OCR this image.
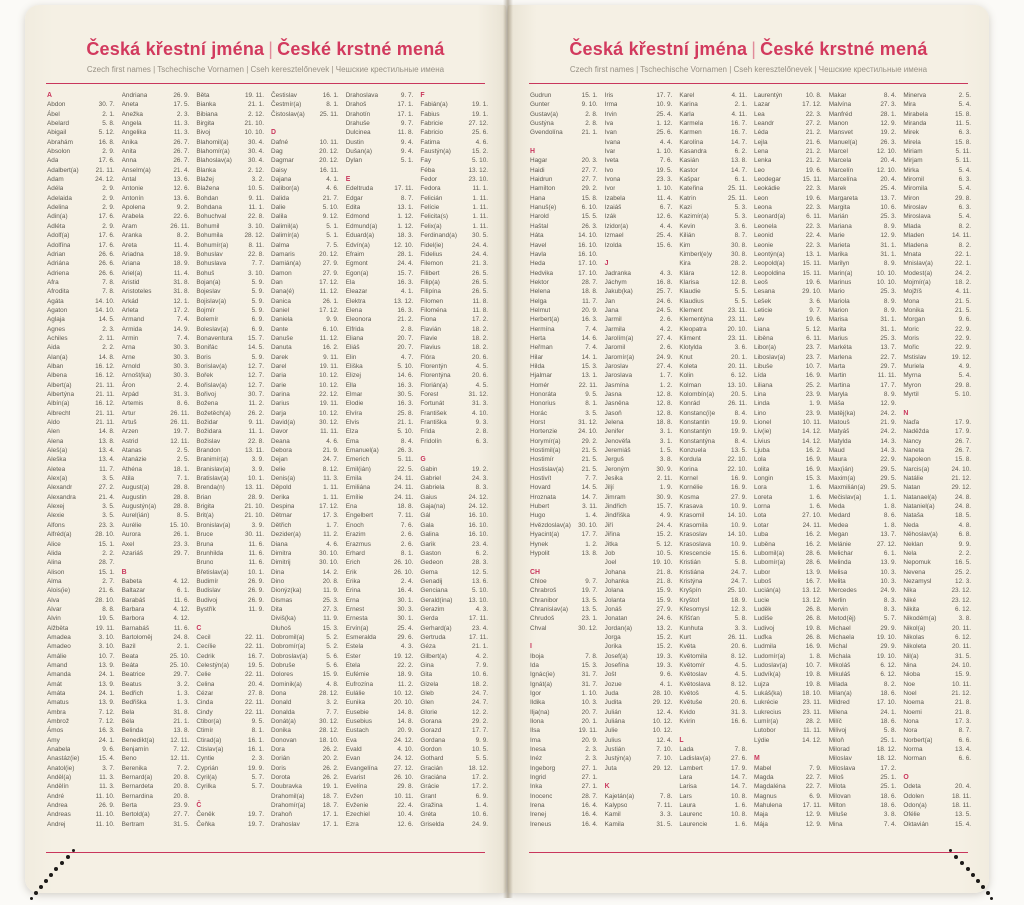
Česká křestní jména | České krstné mená
Czech first names | Tschechische Vornamen | Cseh keresztelőnevek | Чешские крестильные имена
A
Abdon	30. 7.
Ábel	2. 1.
Abelard	5. 8.
Abigail	5. 12.
Abrahám	16. 8.
Absolon	2. 9.
Ada	17. 6.
Adalbert(a)	21. 11.
Adam	24. 12.
Adéla	2. 9.
Adelaida	2. 9.
Adelina	2. 9.
Adin(a)	17. 6.
Adléta	2. 9.
Adolf(a)	17. 6.
Adolfína	17. 6.
Adrian	26. 6.
Adriána	26. 6.
Adriena	26. 6.
Afra	7. 8.
Afrodita	7. 8.
Agáta	14. 10.
Agaton	14. 10.
Aglaja	14. 5.
Agnes	2. 3.
Achiles	2. 11.
Aida	2. 2.
Alan(a)	14. 8.
Alban	16. 12.
Albena	16. 12.
Albert(a)	21. 11.
Albertýna	21. 11.
Albín(a)	16. 12.
Albrecht	21. 11.
Aldo	21. 11.
Alen	14. 8.
Alena	13. 8.
Aleš(a)	13. 4.
Aleška	13. 4.
Aletea	11. 7.
Alex(a)	3. 5.
Alexandr	27. 2.
Alexandra	21. 4.
Alexej	3. 5.
Alexie	3. 5.
Alfons	23. 3.
Alfréd(a)	28. 10.
Alice	15. 1.
Alida	2. 2.
Alina	28. 7.
Alison	15. 1.
Alma	2. 7.
Alois(ie)	21. 6.
Alva	28. 10.
Alvar	8. 8.
Alvin	19. 5.
Alžběta	19. 11.
Amadea	3. 10.
Amadeo	3. 10.
Amálie	10. 7.
Amand	13. 9.
Amanda	24. 1.
Amát	13. 9.
Amáta	24. 1.
Amatus	13. 9.
Ambra	7. 12.
Ambrož	7. 12.
Ámos	16. 3.
Amy	24. 1.
Anabela	9. 6.
Anastáz(ie)	15. 4.
Anatol(ie)	3. 7.
Anděl(a)	11. 3.
Andělín	11. 3.
André	11. 10.
Andrea	26. 9.
Andreas	11. 10.
Andrej	11. 10.
Andriana	26. 9.
Aneta	17. 5.
Anežka	2. 3.
Angela	11. 3.
Angelika	11. 3.
Anika	26. 7.
Anita	26. 7.
Anna	26. 7.
Anselm(a)	21. 4.
Antal	13. 6.
Antonie	12. 6.
Antonín	13. 6.
Apolena	9. 2.
Arabela	22. 6.
Aram	26. 11.
Aranka	8. 2.
Areta	11. 4.
Ariadna	18. 9.
Ariana	18. 9.
Ariel(a)	11. 4.
Aristid	31. 8.
Aristoteles	31. 8.
Arkád	12. 1.
Arleta	17. 2.
Armand	7. 4.
Armida	14. 9.
Armin	7. 4.
Arna	30. 3.
Arne	30. 3.
Arnold	30. 3.
Arnošt(ka)	30. 3.
Áron	2. 4.
Arpád	31. 3.
Artemis	8. 6.
Artur	26. 11.
Artuš	26. 11.
Arzen	19. 7.
Astrid	12. 11.
Atanas	2. 5.
Atanázie	2. 5.
Athéna	18. 1.
Atila	7. 1.
August(a)	28. 8.
Augustin	28. 8.
Augustýn(a)	28. 8.
Aurel(ián)	8. 5.
Aurélie	15. 10.
Aurora	26. 1.
Axel	23. 3.
Azariáš	29. 7.
B
Babeta	4. 12.
Baltazar	6. 1.
Barabáš	11. 6.
Barbara	4. 12.
Barbora	4. 12.
Barnabáš	11. 6.
Bartoloměj	24. 8.
Bazil	2. 1.
Beata	25. 10.
Beáta	25. 10.
Beatrice	29. 7.
Beatus	3. 2.
Bedřich	1. 3.
Bedřiška	1. 3.
Bela	31. 8.
Béla	21. 1.
Belinda	13. 8.
Benedikt(a) 12. 11.
Benjamín	7. 12.
Beno	12. 11.
Berenika	7. 2.
Bernard(a)	20. 8.
Bernardeta	20. 8.
Bernardina	20. 8.
Berta	23. 9.
Bertold(a)	27. 7.
Bertram	31. 5.
Běta	19. 11.
Bianka	21. 1.
Bibiana	2. 12.
Birgita	21. 10.
Bivoj	10. 10.
Blahomil(a)	30. 4.
Blahomír(a)	30. 4.
Blahoslav(a)	30. 4.
Blanka	2. 12.
Blažej	3. 2.
Blažena	10. 5.
Bohdan	9. 11.
Bohdana	11. 1.
Bohuchval	22. 8.
Bohumil	3. 10.
Bohumila	28. 12.
Bohumír(a)	8. 11.
Bohuslav	22. 8.
Bohuslava	7. 7.
Bohuš	3. 10.
Bojan(a)	5. 9.
Bojeslav	5. 9.
Bojislav(a)	5. 9.
Bojmír	5. 9.
Bolemír	6. 9.
Boleslav(a)	6. 9.
Bonaventura 15. 7.
Bonifác	14. 5.
Boris	5. 9.
Borislav(a)	12. 7.
Bořek	12. 7.
Bořislav(a)	12. 7.
Bořivoj	30. 7.
Božena	11. 2.
Božetěch(a)	26. 2.
Božidar	9. 11.
Božidara	11. 1.
Božislav	22. 8.
Brandon	13. 11.
Branimír(a)	3. 9.
Branislav(a)	3. 9.
Bratislav(a)	10. 1.
Brenda(n)	13. 11.
Brian	28. 9.
Brigita	21. 10.
Brit(a)	21. 10.
Bronislav(a)	3. 9.
Bruce	30. 11.
Bruna	11. 6.
Brunhilda	11. 6.
Bruno	11. 6.
Břetislav(a)	10. 1.
Budimír	26. 9.
Budislav	26. 9.
Budivoj	26. 9.
Bystřík	11. 9.
C
Cecil	22. 11.
Cecílie	22. 11.
Cedrik	16. 7.
Celestýn(a)	19. 5.
Celie	22. 11.
Celina	20. 4.
Cézar	27. 8.
Cinda	22. 11.
Cindy	22. 11.
Ctibor(a)	9. 5.
Ctimír	8. 1.
Ctirad(a)	16. 1.
Ctislav(a)	16. 1.
Cyntie	2. 3.
Cyprián	19. 9.
Cyril(a)	5. 7.
Cyrilka	5. 7.
Č
Čeněk	19. 7.
Čeňka	19. 7.
Čestislav	16. 1.
Čestmír(a)	8. 1.
Čistoslav(a) 25. 11.
D
Dafné	10. 11.
Dag	20. 12.
Dagmar	20. 12.
Daisy	16. 11.
Dajana	4. 1.
Dalibor(a)	4. 6.
Dalida	21. 7.
Dalie	5. 10.
Dalila	9. 12.
Dalimil(a)	5. 1.
Dalimír(a)	5. 1.
Dalma	7. 5.
Damaris	20. 12.
Damián(a)	27. 9.
Damon	27. 9.
Dan	17. 12.
Dana(é)	11. 12.
Danica	26. 1.
Daniel	17. 12.
Daniela	9. 9.
Dante	6. 10.
Danuše	11. 12.
Danuta	16. 2.
Darek	9. 11.
Darel	19. 11.
Daria	10. 12.
Darie	10. 12.
Darina	22. 12.
Darius	19. 11.
Darja	10. 12.
David(a)	30. 12.
Davor	11. 11.
Deana	4. 6.
Debora	21. 9.
Dejan	24. 7.
Delie	8. 12.
Denis(a)	11. 3.
Děpold	1. 11.
Derika	1. 11.
Despina	17. 12.
Dětmar	17. 3.
Dětřich	1. 7.
Dezider(a)	11. 2.
Diana	4. 6.
Dimitra	30. 10.
Dimitrij	30. 10.
Dina	14. 2.
Dino	20. 8.
Dionýz(ka)	11. 9.
Dismas	25. 3.
Dita	27. 3.
Diviš(ka)	11. 9.
Dluhoš	15. 3.
Dobromil(a)	5. 2.
Dobromír(a)	5. 2.
Dobroslav(a)	5. 6.
Dobruše	5. 6.
Dolores	15. 9.
Dominik(a)	4. 8.
Dona	28. 12.
Donald	3. 2.
Donalda	7. 7.
Donát(a)	30. 12.
Donika	28. 12.
Donovan	18. 10.
Dora	26. 2.
Dorián	20. 2.
Doris	26. 2.
Dorota	26. 2.
Doubravka	19. 1.
Drahomil(a)	18. 7.
Drahomír(a)	18. 7.
Drahoň	17. 1.
Drahoslav	17. 1.
Drahoslava	9. 7.
Drahoš	17. 1.
Drahotín	17. 1.
Drahuše	9. 7.
Dulcinea	11. 8.
Dustin	9. 4.
Dušan(a)	9. 4.
Dylan	5. 1.
E
Edeltruda	17. 11.
Edgar	8. 7.
Edita	13. 1.
Edmond	1. 12.
Edmund(a)	1. 12.
Eduard(a)	18. 3.
Edvín(a)	12. 10.
Efraim	28. 1.
Egmont	24. 4.
Egon(a)	15. 7.
Ela	16. 3.
Eleazar	4. 1.
Elektra	13. 12.
Elena	16. 3.
Eleonora	21. 2.
Elfrida	2. 8.
Eliana	20. 7.
Eliáš	20. 7.
Elin	4. 7.
Eliška	5. 10.
Elizej	14. 6.
Ella	16. 3.
Elmar	30. 5.
Elodie	16. 3.
Elvíra	25. 8.
Elvis	21. 1.
Elza	5. 10.
Ema	8. 4.
Emanuel(a)	26. 3.
Emerich	5. 11.
Emil(ián)	22. 5.
Emila	24. 11.
Emiliána	24. 11.
Emílie	24. 11.
Ena	18. 8.
Engelbert	7. 11.
Enoch	7. 6.
Erazim	2. 6.
Erazmus	2. 6.
Erhard	8. 1.
Erich	26. 10.
Erik	26. 10.
Erika	2. 4.
Erina	16. 4.
Erna	30. 1.
Ernest	30. 3.
Ernesta	30. 1.
Ervín(a)	25. 4.
Esmeralda	29. 6.
Estela	4. 3.
Ester	19. 12.
Etela	22. 2.
Eufémie	18. 9.
Eufrozína	11. 2.
Eulálie	10. 12.
Eunika	20. 10.
Eusebie	14. 8.
Eusebius	14. 8.
Eustach	20. 9.
Eva	24. 12.
Evald	4. 10.
Evan	24. 12.
Evangelína	27. 12.
Evarist	26. 10.
Evelína	29. 8.
Evžen	10. 11.
Evženie	22. 4.
Ezechiel	10. 4.
Ezra	12. 6.
F
Fabián(a)	19. 1.
Fabius	19. 1.
Fabricie	27. 12.
Fabricio	25. 6.
Fatima	4. 6.
Faustýn(a)	15. 2.
Fay	5. 10.
Féba	13. 12.
Fedor	23. 10.
Fedora	11. 1.
Felicián	1. 11.
Felície	1. 11.
Felicita(s)	1. 11.
Felix(a)	1. 11.
Ferdinand(a) 30. 5.
Fidel(ie)	24. 4.
Fidelius	24. 4.
Filemon	21. 3.
Filibert	26. 5.
Filip(a)	26. 5.
Filipína	26. 5.
Filomen	11. 8.
Filoména	11. 8.
Fiona	17. 2.
Flavián	18. 2.
Flavie	18. 2.
Flavius	18. 2.
Flóra	20. 6.
Florentýn	4. 5.
Florentýna	20. 6.
Florián(a)	4. 5.
Forest	31. 12.
Fortunát	31. 3.
František	4. 10.
Františka	9. 3.
Frida	2. 8.
Fridolín	6. 3.
G
Gabin	19. 2.
Gabriel	24. 3.
Gabriela	8. 3.
Gaius	24. 12.
Gaja(na)	24. 12.
Gál	16. 10.
Gala	16. 10.
Galina	16. 10.
Garik	23. 4.
Gaston	6. 2.
Gedeon	28. 3.
Gema	12. 5.
Genadij	13. 6.
Genciana	5. 10.
Gerald(ina)	13. 10.
Gerazim	4. 3.
Gerda	17. 11.
Gerhard(a)	23. 4.
Gertruda	17. 11.
Géza	21. 1.
Gilbert(a)	4. 2.
Gina	7. 9.
Gita	10. 6.
Gizela	18. 2.
Gleb	24. 7.
Glen	24. 7.
Glorie	12. 2.
Gorana	29. 2.
Gorazd	17. 7.
Gordana	9. 9.
Gordon	10. 5.
Gothard	5. 5.
Gracián	18. 12.
Graciána	17. 2.
Grácie	17. 2.
Grant	6. 9.
Gražina	1. 4.
Gréta	10. 6.
Griselda	24. 9.
Česká křestní jména | České krstné mená
Czech first names | Tschechische Vornamen | Cseh keresztelőnevek | Чешские крестильные имена
Gudrun	15. 1.
Gunter	9. 10.
Gustav(a)	2. 8.
Gustýna	2. 8.
Gvendolína	21. 1.
H
Hagar	20. 3.
Haidi	27. 7.
Haidrun	27. 7.
Hamilton	29. 2.
Hana	15. 8.
Hanuš(e)	6. 10.
Harold	15. 5.
Haštal	26. 3.
Háta	14. 10.
Havel	16. 10.
Havla	16. 10.
Heda	17. 10.
Hedvika	17. 10.
Hektor	28. 7.
Helena	18. 8.
Helga	11. 7.
Helmut	20. 9.
Herbert(a)	16. 3.
Hermína	7. 4.
Herta	14. 6.
Heřman	7. 4.
Hilar	14. 1.
Hilda	15. 3.
Hjalmar	13. 1.
Homér	22. 11.
Honoráta	9. 5.
Honorius	8. 1.
Horác	3. 5.
Horst	31. 12.
Hortenzie	24. 10.
Horymír(a)	29. 2.
Hostimil(a)	21. 5.
Hostimír	21. 5.
Hostislav(a)	21. 5.
Hostivít	7. 7.
Hovard	14. 5.
Hroznata	14. 7.
Hubert	3. 11.
Hugo	1. 4.
Hvězdoslav(a) 30. 10.
Hyacint(a)	17. 7.
Hynek	1. 2.
Hypolit	13. 8.
CH
Chloe	9. 7.
Chrabroš	19. 7.
Chranibor	13. 5.
Chranislav(a) 13. 5.
Chrudoš	23. 1.
Chval	30. 12.
I
Iboja	7. 8.
Ida	15. 3.
Ignác(ie)	31. 7.
Ignát(a)	31. 7.
Igor	1. 10.
Ildika	10. 3.
Ilja(na)	20. 7.
Ilona	20. 1.
Ilsa	19. 11.
Ima	20. 9.
Inesa	2. 3.
Inéz	2. 3.
Ingeborg	27. 1.
Ingrid	27. 1.
Inka	27. 1.
Inocenc	28. 7.
Irena	16. 4.
Irenej	16. 4.
Ireneus	16. 4.
Iris	17. 7.
Irma	10. 9.
Irvin	25. 4.
Iva	1. 12.
Ivan	25. 6.
Ivana	4. 4.
Ivar	1. 10.
Iveta	7. 6.
Ivo	19. 5.
Ivona	23. 3.
Ivor	1. 10.
Izabela	11. 4.
Izaiáš	6. 7.
Izák	12. 6.
Izidor(a)	4. 4.
Izmael	25. 4.
Izolda	15. 6.
J
Jadranka	4. 3.
Jáchym	16. 8.
Jakub(ka)	25. 7.
Jan	24. 6.
Jana	24. 5.
Jarmil	2. 6.
Jarmila	4. 2.
Jarolím(a)	27. 4.
Jaromil	2. 6.
Jaromír(a)	24. 9.
Jaroslav	27. 4.
Jaroslava	1. 7.
Jasmína	1. 2.
Jasna	12. 8.
Jasněna	12. 8.
Jasoň	12. 8.
Jelena	18. 8.
Jenifer	3. 1.
Jenověfa	3. 1.
Jeremiáš	1. 5.
Jerguš	3. 8.
Jeroným	30. 9.
Jesika	2. 11.
Jiljí	1. 9.
Jimram	30. 9.
Jindřich	15. 7.
Jindřiška	4. 9.
Jiří	24. 4.
Jiřina	15. 2.
Jitka	5. 12.
Job	10. 5.
Joel	19. 10.
Johana	21. 8.
Johanka	21. 8.
Jolana	15. 9.
Jolanta	15. 9.
Jonáš	27. 9.
Jonatan	24. 6.
Jordan(a)	13. 2.
Jorga	15. 2.
Jorika	15. 2.
Josef(a)	19. 3.
Josefína	19. 3.
Jošt	9. 6.
Jozue	4. 1.
Juda	28. 10.
Judita	29. 12.
Julián	12. 4.
Juliána	10. 12.
Julie	10. 12.
Julius	12. 4.
Justián	7. 10.
Justýn(a)	7. 10.
Juta	29. 12.
K
Kajetán(a)	7. 8.
Kalypso	7. 11.
Kamil	3. 3.
Kamila	31. 5.
Karel	4. 11.
Karina	2. 1.
Karla	4. 11.
Karmela	16. 7.
Karmen	16. 7.
Karolína	14. 7.
Kasandra	6. 2.
Kasián	13. 8.
Kastor	14. 7.
Kašpar	6. 1.
Kateřina	25. 11.
Katrin	25. 11.
Kazi	5. 3.
Kazimír(a)	5. 3.
Kevin	3. 6.
Kilián	8. 7.
Kim	30. 8.
Kimberl(e)y	30. 8.
Kira	28. 2.
Klára	12. 8.
Klarisa	12. 8.
Klaudie	5. 5.
Klaudius	5. 5.
Klement	23. 11.
Klementýna 23. 11.
Kleopatra	20. 10.
Kliment	23. 11.
Klotylda	3. 6.
Knut	20. 1.
Koleta	20. 11.
Kolin	6. 12.
Kolman	13. 10.
Kolombín(a)	20. 5.
Konrád	26. 11.
Konstanc(i)e	8. 4.
Konstantin	19. 9.
Konstantýn	19. 9.
Konstantýna	8. 4.
Konzuela	13. 5.
Kordula	22. 10.
Korina	22. 10.
Kornel	16. 9.
Kornélie	16. 9.
Kosma	27. 9.
Krasava	10. 9.
Krasomil	14. 10.
Krasomila	10. 9.
Krasoslav	14. 10.
Krasoslava	10. 9.
Krescencie	15. 6.
Kristián	5. 8.
Kristiána	24. 7.
Kristýna	24. 7.
Kryšpín	25. 10.
Kryštof	18. 9.
Křesomysl	12. 3.
Křišťan	5. 8.
Kunhuta	3. 3.
Kurt	26. 11.
Květa	20. 6.
Květomila	8. 12.
Květomír	4. 5.
Květoslav	4. 5.
Květoslava	8. 12.
Květoš	4. 5.
Květuše	20. 6.
Kvido	31. 3.
Kvirin	16. 6.
L
Lada	7. 8.
Ladislav(a)	27. 6.
Lambert	17. 9.
Lara	14. 7.
Larisa	14. 7.
Lars	10. 8.
Laura	1. 6.
Laurenc	10. 8.
Laurencie	1. 6.
Laurentýn	10. 8.
Lazar	17. 12.
Lea	22. 3.
Leandr	27. 2.
Léda	21. 2.
Lejla	21. 6.
Lena	21. 2.
Lenka	21. 2.
Leo	19. 6.
Leodegar	15. 11.
Leokádie	22. 3.
Leon	19. 6.
Leona	22. 3.
Leonard(a)	6. 11.
Leonela	22. 3.
Leonid	22. 4.
Leonie	22. 3.
Leontýn(a)	13. 1.
Leopold(a)	15. 11.
Leopoldina	15. 11.
Leoš	19. 6.
Lesana	29. 10.
Lešek	3. 6.
Leticie	9. 7.
Lev	19. 6.
Liana	5. 12.
Liběna	6. 11.
Libor(a)	23. 7.
Liboslav(a)	23. 7.
Libuše	10. 7.
Lída	16. 9.
Liliana	25. 2.
Lina	23. 9.
Linda	1. 9.
Lino	23. 9.
Lionel	10. 11.
Liv(ie)	14. 12.
Livius	14. 12.
Ljuba	16. 2.
Lola	16. 9.
Lolita	16. 9.
Longin	15. 3.
Lora	1. 6.
Loreta	1. 6.
Lorna	1. 6.
Lota	27. 10.
Lotar	24. 11.
Luba	16. 2.
Luběna	16. 2.
Lubomil(a)	28. 6.
Lubomír(a)	28. 6.
Lubor	13. 9.
Luboš	16. 7.
Lucián(a)	13. 12.
Lucie	13. 12.
Luděk	26. 8.
Ludiše	26. 8.
Ludivoj	19. 8.
Luďka	26. 8.
Ludmila	16. 9.
Ludomír(a)	1. 8.
Ludoslav(a)	10. 7.
Ludvík(a)	19. 8.
Lujza	19. 8.
Lukáš(ka)	18. 10.
Lukrécie	23. 11.
Lukrecius	23. 11.
Lumír(a)	28. 2.
Lutobor	11. 11.
Lýdie	14. 12.
M
Mabel	7. 9.
Magda	22. 7.
Magdaléna	22. 7.
Magnus	6. 9.
Mahulena	17. 11.
Maja	12. 9.
Mája	12. 9.
Makar	8. 4.
Malvína	27. 3.
Manfréd	28. 1.
Manon	12. 9.
Mansvet	19. 2.
Manuel(a)	26. 3.
Marcel	12. 10.
Marcela	20. 4.
Marcelín	12. 10.
Marcelína	20. 4.
Marek	25. 4.
Margareta	13. 7.
Margita	10. 6.
Marián	25. 3.
Mariana	8. 9.
Marie	12. 9.
Marieta	31. 1.
Marika	31. 1.
Marilyn	8. 9.
Marin(a)	10. 10.
Marinus	10. 10.
Mario	25. 3.
Mariola	8. 9.
Marion	8. 9.
Marisa	31. 1.
Marita	31. 1.
Marius	25. 3.
Markéta	13. 7.
Marlena	22. 7.
Marta	29. 7.
Martin	11. 11.
Martina	17. 7.
Maryla	8. 9.
Máša	12. 9.
Matěj(ka)	24. 2.
Matouš	21. 9.
Matyáš	24. 2.
Matylda	14. 3.
Maud	14. 3.
Maura	22. 9.
Max(ián)	29. 5.
Maxim(a)	29. 5.
Maxmilián(a) 29. 5.
Mečislav(a)	1. 1.
Meda	1. 8.
Medard	8. 6.
Medea	1. 8.
Megan	13. 7.
Melánie	27. 12.
Melichar	6. 1.
Melinda	13. 9.
Melisa	10. 3.
Melita	10. 3.
Mercedes	24. 9.
Merlin	8. 3.
Mervin	8. 3.
Metod(ěj)	5. 7.
Michael	29. 9.
Michaela	19. 10.
Michal	29. 9.
Michala	19. 10.
Mikoláš	6. 12.
Mikuláš	6. 12.
Milada	8. 2.
Milan(a)	18. 6.
Mildred	17. 10.
Milena	24. 1.
Milíč	18. 6.
Milivoj	5. 8.
Miloň	25. 1.
Milorad	18. 12.
Miloslav	18. 12.
Miloslava	17. 2.
Miloš	25. 1.
Milota	25. 1.
Milovan	18. 6.
Milton	18. 6.
Miluše	3. 8.
Mina	7. 4.
Minerva	2. 5.
Mira	5. 4.
Mirabela	15. 8.
Miranda	11. 5.
Mirek	6. 3.
Mirela	15. 8.
Miriam	5. 11.
Mirjam	5. 11.
Mirka	5. 4.
Miromil	6. 3.
Miromila	5. 4.
Miron	29. 8.
Miroslav	6. 3.
Miroslava	5. 4.
Mlada	8. 2.
Mladen	14. 11.
Mladena	8. 2.
Mnata	22. 1.
Mnislav(a)	22. 1.
Modest(a)	24. 2.
Mojmír(a)	18. 2.
Mojžíš	4. 11.
Mona	21. 5.
Monika	21. 5.
Morgan	9. 6.
Moric	22. 9.
Moris	22. 9.
Mořic	22. 9.
Mstislav	19. 12.
Muriela	4. 9.
Myrna	5. 4.
Myron	29. 8.
Myrtil	5. 10.
N
Naďa	17. 9.
Naděžda	17. 9.
Nancy	26. 7.
Naneta	26. 7.
Napoleon	15. 8.
Narcis(a)	24. 10.
Natálie	21. 12.
Natan	29. 12.
Natanael(a)	24. 8.
Nataniel(a)	24. 8.
Nataša	18. 5.
Neda	4. 8.
Něhoslav(a)	6. 8.
Neklan	9. 9.
Nela	2. 2.
Nepomuk	16. 5.
Nevena	25. 2.
Nezamysl	12. 3.
Nika	23. 12.
Niké	23. 12.
Nikita	6. 12.
Nikodém(a)	3. 8.
Nikol(a)	20. 11.
Nikolas	6. 12.
Nikoleta	20. 11.
Nil(a)	31. 5.
Nina	24. 10.
Nioba	15. 9.
Noe	10. 11.
Noel	21. 12.
Noema	21. 8.
Noemi	21. 8.
Nona	17. 3.
Nora	8. 7.
Norbert(a)	6. 6.
Norma	13. 4.
Norman	6. 6.
O
Odeta	20. 4.
Odolen	18. 11.
Odon(a)	18. 11.
Ofélie	13. 5.
Oktavián	15. 4.
